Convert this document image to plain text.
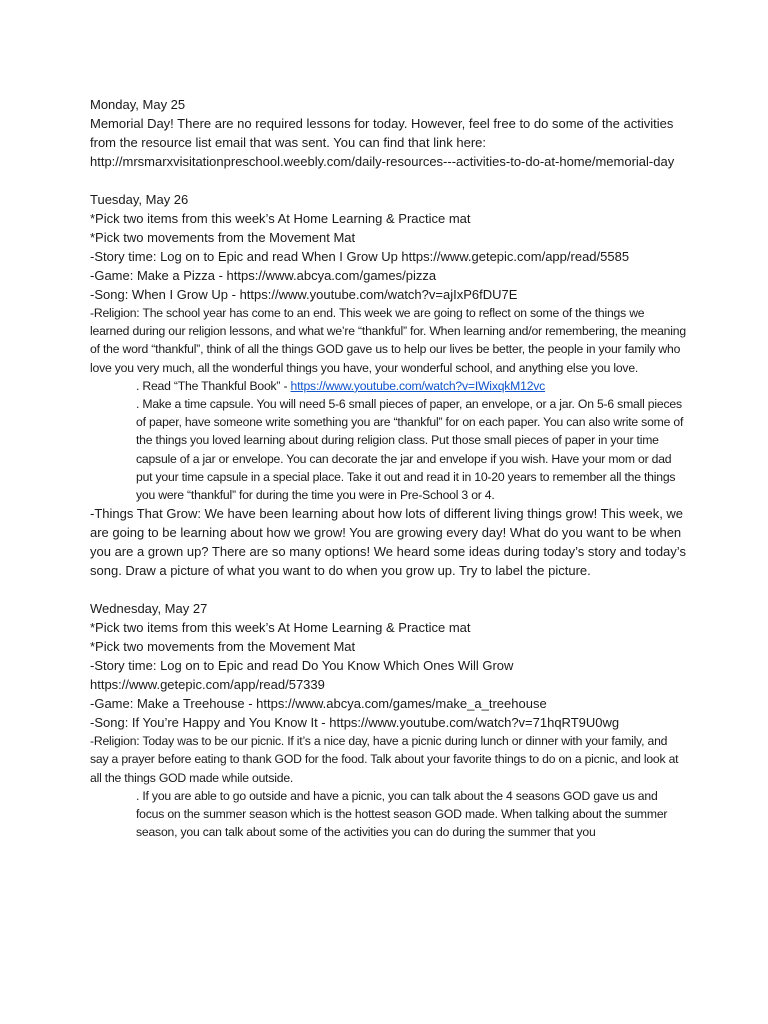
Monday, May 25

Memorial Day! There are no required lessons for today. However, feel free to do some of the activities from the resource list email that was sent. You can find that link here: http://mrsmarxvisitationpreschool.weebly.com/daily-resources---activities-to-do-at-home/memorial-day

Tuesday, May 26

*Pick two items from this week’s At Home Learning & Practice mat

*Pick two movements from the Movement Mat

-Story time: Log on to Epic and read When I Grow Up https://www.getepic.com/app/read/5585

-Game: Make a Pizza - https://www.abcya.com/games/pizza

-Song: When I Grow Up - https://www.youtube.com/watch?v=ajIxP6fDU7E

-Religion: The school year has come to an end. This week we are going to reflect on some of the things we learned during our religion lessons, and what we’re “thankful” for. When learning and/or remembering, the meaning of the word “thankful”, think of all the things GOD gave us to help our lives be better, the people in your family who love you very much, all the wonderful things you have, your wonderful school, and anything else you love.

. Read “The Thankful Book” - https://www.youtube.com/watch?v=IWixqkM12vc

. Make a time capsule. You will need 5-6 small pieces of paper, an envelope, or a jar. On 5-6 small pieces of paper, have someone write something you are “thankful” for on each paper. You can also write some of the things you loved learning about during religion class. Put those small pieces of paper in your time capsule of a jar or envelope. You can decorate the jar and envelope if you wish. Have your mom or dad put your time capsule in a special place. Take it out and read it in 10-20 years to remember all the things you were “thankful” for during the time you were in Pre-School 3 or 4.

-Things That Grow: We have been learning about how lots of different living things grow! This week, we are going to be learning about how we grow! You are growing every day! What do you want to be when you are a grown up? There are so many options! We heard some ideas during today’s story and today’s song. Draw a picture of what you want to do when you grow up. Try to label the picture.

Wednesday, May 27

*Pick two items from this week’s At Home Learning & Practice mat

*Pick two movements from the Movement Mat

-Story time: Log on to Epic and read Do You Know Which Ones Will Grow https://www.getepic.com/app/read/57339

-Game: Make a Treehouse - https://www.abcya.com/games/make_a_treehouse

-Song: If You’re Happy and You Know It - https://www.youtube.com/watch?v=71hqRT9U0wg

-Religion: Today was to be our picnic. If it’s a nice day, have a picnic during lunch or dinner with your family, and say a prayer before eating to thank GOD for the food. Talk about your favorite things to do on a picnic, and look at all the things GOD made while outside.

. If you are able to go outside and have a picnic, you can talk about the 4 seasons GOD gave us and focus on the summer season which is the hottest season GOD made. When talking about the summer season, you can talk about some of the activities you can do during the summer that you
